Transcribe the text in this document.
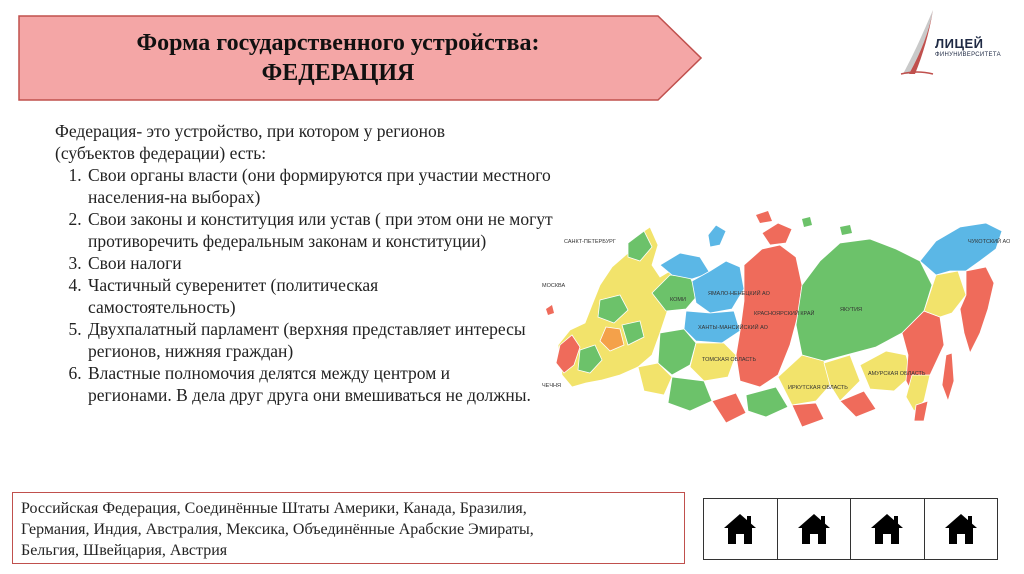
Форма государственного устройства:
ФЕДЕРАЦИЯ
ЛИЦЕЙ
ФИНУНИВЕРСИТЕТА

Федерация- это устройство, при котором у регионов

(субъектов федерации) есть:

1. Свои органы власти (они формируются при участии местного населения-на выборах)
2. Свои законы и конституция или устав ( при этом они не могут противоречить федеральным законам и конституции)
3. Свои налоги
4. Частичный суверенитет (политическая самостоятельность)
5. Двухпалатный парламент (верхняя представляет интересы регионов, нижняя граждан)
6. Властные полномочия делятся между центром и регионами. В дела друг друга они вмешиваться не должны.
САНКТ-ПЕТЕРБУРГ
МОСКВА
ЧУКОТСКИЙ АО
КОМИ
ЯМАЛО-НЕНЕЦКИЙ АО
ХАНТЫ-МАНСИЙСКИЙ АО
КРАСНОЯРСКИЙ КРАЙ
ЯКУТИЯ
ТОМСКАЯ ОБЛАСТЬ
ИРКУТСКАЯ ОБЛАСТЬ
АМУРСКАЯ ОБЛАСТЬ
ЧЕЧНЯ
Российская Федерация, Соединённые Штаты Америки, Канада, Бразилия,
Германия, Индия, Австралия, Мексика, Объединённые Арабские Эмираты,
Бельгия, Швейцария, Австрия
